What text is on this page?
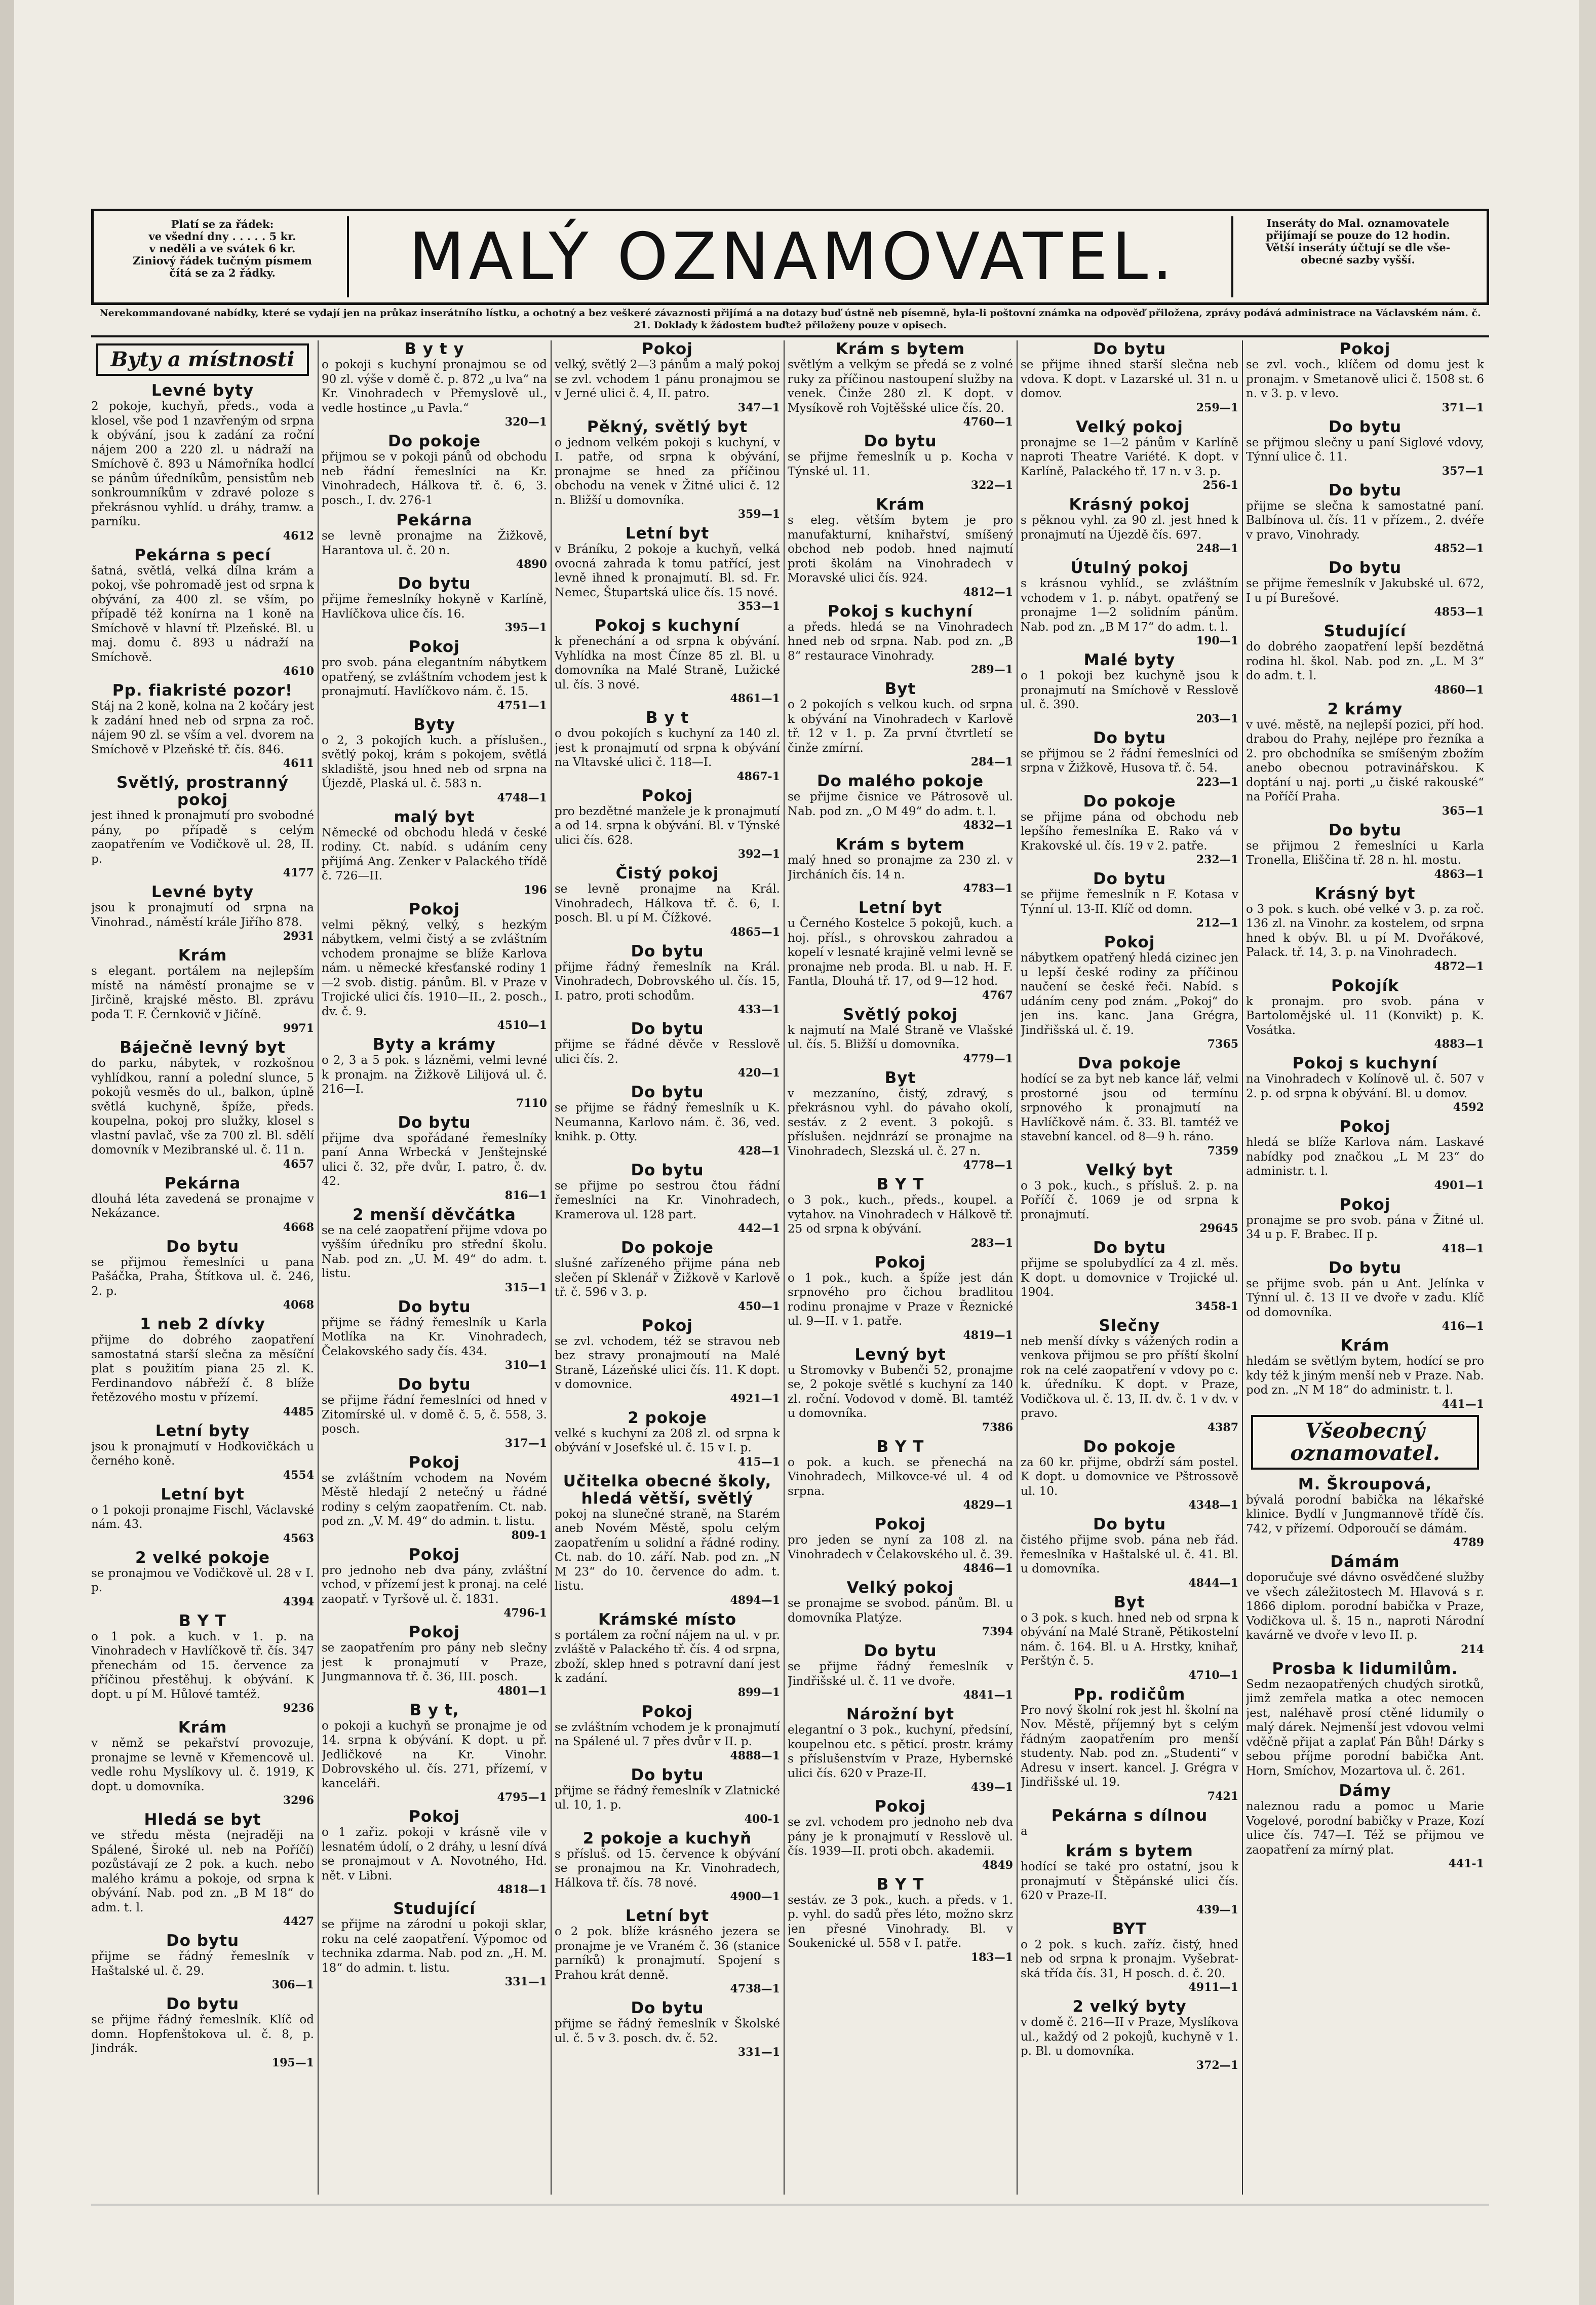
Platí se za řádek:
ve všední dny . . . . . 5 kr.
v neděli a ve svátek 6 kr.
Ziniový řádek tučným písmem
čítá se za 2 řádky.	MALÝ OZNAMOVATEL.	Inseráty do Mal. oznamovatele
přijímají se pouze do 12 hodin.
Větší inseráty účtují se dle vše-
obecné sazby vyšší.
Nerekommandované nabídky, které se vydají jen na průkaz inserátního lístku, a ochotný a bez veškeré závaznosti přijímá a na dotazy buď ústně neb písemně, byla-li poštovní známka na odpověď přiložena, zprávy podává administrace na Václavském nám. č. 21. Doklady k žádostem buďtež přiloženy pouze v opisech.
Byty a místnosti
Levné byty

2 pokoje, kuchyň, předs., voda a klosel, vše pod 1 nzavřeným od srpna k obývání, jsou k zadání za roční nájem 200 a 220 zl. u nádraží na Smíchově č. 893 u Námořníka hodlcí se pánům úředníkům, pensistům neb sonkroumníkům v zdravé poloze s překrásnou vyhlíd. u dráhy, tramw. a parníku.

4612
Pekárna s pecí

šatná, světlá, velká dílna krám a pokoj, vše pohromadě jest od srpna k obývání, za 400 zl. se vším, po případě též konírna na 1 koně na Smíchově v hlavní tř. Plzeňské. Bl. u maj. domu č. 893 u nádraží na Smíchově.

4610
Pp. fiakristé pozor!

Stáj na 2 koně, kolna na 2 kočáry jest k zadání hned neb od srpna za roč. nájem 90 zl. se vším a vel. dvorem na Smíchově v Plzeňské tř. čís. 846.

4611
Světlý, prostranný pokoj

jest ihned k pronajmutí pro svobodné pány, po případě s celým zaopatřením ve Vodičkově ul. 28, II. p.

4177
Levné byty

jsou k pronajmutí od srpna na Vinohrad., náměstí krále Jiřího 878.

2931
Krám

s elegant. portálem na nejlepším místě na náměstí pronajme se v Jirčině, krajské město. Bl. zprávu poda T. F. Černkovič v Jičíně.

9971
Báječně levný byt

do parku, nábytek, v rozkošnou vyhlídkou, ranní a polední slunce, 5 pokojů vesměs do ul., balkon, úplně světlá kuchyně, špíže, předs. koupelna, pokoj pro služky, klosel s vlastní pavlač, vše za 700 zl. Bl. sdělí domovník v Mezibranské ul. č. 11 n.

4657
Pekárna

dlouhá léta zavedená se pronajme v Nekázance.

4668
Do bytu

se přijmou řemeslníci u pana Pašáčka, Praha, Štítkova ul. č. 246, 2. p.

4068
1 neb 2 dívky

přijme do dobrého zaopatření samostatná starší slečna za měsíční plat s použitím piana 25 zl. K. Ferdinandovo nábřeží č. 8 blíže řetězového mostu v přízemí.

4485
Letní byty

jsou k pronajmutí v Hodkovičkách u černého koně.

4554
Letní byt

o 1 pokoji pronajme Fischl, Václavské nám. 43.

4563
2 velké pokoje

se pronajmou ve Vodičkově ul. 28 v I. p.

4394
B Y T

o 1 pok. a kuch. v 1. p. na Vinohradech v Havlíčkově tř. čís. 347 přenechám od 15. července za příčinou přestěhuj. k obývání. K dopt. u pí M. Hůlové tamtéž.

9236
Krám

v němž se pekařství provozuje, pronajme se levně v Křemencově ul. vedle rohu Myslíkovy ul. č. 1919, K dopt. u domovníka.

3296
Hledá se byt

ve středu města (nejraději na Spálené, Široké ul. neb na Poříčí) pozůstávají ze 2 pok. a kuch. nebo malého krámu a pokoje, od srpna k obývání. Nab. pod zn. „B M 18“ do adm. t. l.

4427
Do bytu

přijme se řádný řemeslník v Haštalské ul. č. 29.

306—1
Do bytu

se přijme řádný řemeslník. Klíč od domn. Hopfenštokova ul. č. 8, p. Jindrák.

195—1
B y t y

o pokoji s kuchyní pronajmou se od 90 zl. výše v domě č. p. 872 „u lva“ na Kr. Vinohradech v Přemyslově ul., vedle hostince „u Pavla.“

320—1
Do pokoje

přijmou se v pokoji pánů od obchodu neb řádní řemeslníci na Kr. Vinohradech, Hálkova tř. č. 6, 3. posch., I. dv. 276-1

Pekárna

se levně pronajme na Žižkově, Harantova ul. č. 20 n.

4890
Do bytu

přijme řemeslníky hokyně v Karlíně, Havlíčkova ulice čís. 16.

395—1
Pokoj

pro svob. pána elegantním nábytkem opatřený, se zvláštním vchodem jest k pronajmutí. Havlíčkovo nám. č. 15.

4751—1
Byty

o 2, 3 pokojích kuch. a příslušen., světlý pokoj, krám s pokojem, světlá skladiště, jsou hned neb od srpna na Újezdě, Plaská ul. č. 583 n.

4748—1
malý byt

Německé od obchodu hledá v české rodiny. Ct. nabíd. s udáním ceny přijímá Ang. Zenker v Palackého třídě č. 726—II.

196
Pokoj

velmi pěkný, velký, s hezkým nábytkem, velmi čistý a se zvláštním vchodem pronajme se blíže Karlova nám. u německé křesťanské rodiny 1—2 svob. distig. pánům. Bl. v Praze v Trojické ulici čís. 1910—II., 2. posch., dv. č. 9.

4510—1
Byty a krámy

o 2, 3 a 5 pok. s lázněmi, velmi levné k pronajm. na Žižkově Lilijová ul. č. 216—I.

7110
Do bytu

přijme dva spořádané řemeslníky paní Anna Wrbecká v Jenštejnské ulici č. 32, pře dvůr, I. patro, č. dv. 42.

816—1
2 menší děvčátka

se na celé zaopatření přijme vdova po vyšším úředníku pro střední školu. Nab. pod zn. „U. M. 49“ do adm. t. listu.

315—1
Do bytu

přijme se řádný řemeslník u Karla Motlíka na Kr. Vinohradech, Čelakovského sady čís. 434.

310—1
Do bytu

se přijme řádní řemeslníci od hned v Zitomírské ul. v domě č. 5, č. 558, 3. posch.

317—1
Pokoj

se zvláštním vchodem na Novém Městě hledají 2 netečný u řádné rodiny s celým zaopatřením. Ct. nab. pod zn. „V. M. 49“ do admin. t. listu.

809-1
Pokoj

pro jednoho neb dva pány, zvláštní vchod, v přízemí jest k pronaj. na celé zaopatř. v Tyršově ul. č. 1831.

4796-1
Pokoj

se zaopatřením pro pány neb slečny jest k pronajmutí v Praze, Jungmannova tř. č. 36, III. posch.

4801—1
B y t,

o pokoji a kuchyň se pronajme je od 14. srpna k obývání. K dopt. u př. Jedličkové na Kr. Vinohr. Dobrovského ul. čís. 271, přízemí, v kanceláři.

4795—1
Pokoj

o 1 zařiz. pokoji v krásně vile v lesnatém údolí, o 2 dráhy, u lesní dívá se pronajmout v A. Novotného, Hd. nět. v Libni.

4818—1
Studující

se přijme na zárodní u pokoji sklar, roku na celé zaopatření. Výpomoc od technika zdarma. Nab. pod zn. „H. M. 18“ do admin. t. listu.

331—1
Pokoj

velký, světlý 2—3 pánům a malý pokoj se zvl. vchodem 1 pánu pronajmou se v Jerné ulici č. 4, II. patro.

347—1
Pěkný, světlý byt

o jednom velkém pokoji s kuchyní, v I. patře, od srpna k obývání, pronajme se hned za příčinou obchodu na venek v Žitné ulici č. 12 n. Bližší u domovníka.

359—1
Letní byt

v Bráníku, 2 pokoje a kuchyň, velká ovocná zahrada k tomu patřící, jest levně ihned k pronajmutí. Bl. sd. Fr. Nemec, Štupartská ulice čís. 15 nové.

353—1
Pokoj s kuchyní

k přenechání a od srpna k obývání. Vyhlídka na most Čínze 85 zl. Bl. u domovníka na Malé Straně, Lužické ul. čís. 3 nové.

4861—1
B y t

o dvou pokojích s kuchyní za 140 zl. jest k pronajmutí od srpna k obývání na Vltavské ulici č. 118—I.

4867-1
Pokoj

pro bezdětné manžele je k pronajmutí a od 14. srpna k obývání. Bl. v Týnské ulici čís. 628.

392—1
Čistý pokoj

se levně pronajme na Král. Vinohradech, Hálkova tř. č. 6, I. posch. Bl. u pí M. Čížkové.

4865—1
Do bytu

přijme řádný řemeslník na Král. Vinohradech, Dobrovského ul. čís. 15, I. patro, proti schodům.

433—1
Do bytu

přijme se řádné děvče v Resslově ulici čís. 2.

420—1
Do bytu

se přijme se řádný řemeslník u K. Neumanna, Karlovo nám. č. 36, ved. knihk. p. Otty.

428—1
Do bytu

se přijme po sestrou čtou řádní řemeslníci na Kr. Vinohradech, Kramerova ul. 128 part.

442—1
Do pokoje

slušné zařízeného přijme pána neb slečen pí Sklenář v Žižkově v Karlově tř. č. 596 v 3. p.

450—1
Pokoj

se zvl. vchodem, též se stravou neb bez stravy pronajmoutí na Malé Straně, Lázeňské ulici čís. 11. K dopt. v domovnice.

4921—1
2 pokoje

velké s kuchyní za 208 zl. od srpna k obývání v Josefské ul. č. 15 v I. p.

415—1
Učitelka obecné školy, hledá větší, světlý

pokoj na slunečné straně, na Starém aneb Novém Městě, spolu celým zaopatřením u solidní a řádné rodiny. Ct. nab. do 10. září. Nab. pod zn. „N M 23“ do 10. července do adm. t. listu.

4894—1
Krámské místo

s portálem za roční nájem na ul. v pr. zvláště v Palackého tř. čís. 4 od srpna, zboží, sklep hned s potravní daní jest k zadání.

899—1
Pokoj

se zvláštním vchodem je k pronajmutí na Spálené ul. 7 přes dvůr v II. p.

4888—1
Do bytu

přijme se řádný řemeslník v Zlatnické ul. 10, 1. p.

400-1
2 pokoje a kuchyň

s přísluš. od 15. července k obývání se pronajmou na Kr. Vinohradech, Hálkova tř. čís. 78 nové.

4900—1
Letní byt

o 2 pok. blíže krásného jezera se pronajme je ve Vraném č. 36 (stanice parníků) k pronajmutí. Spojení s Prahou krát denně.

4738—1
Do bytu

přijme se řádný řemeslník v Školské ul. č. 5 v 3. posch. dv. č. 52.

331—1
Krám s bytem

světlým a velkým se předá se z volné ruky za příčinou nastoupení služby na venek. Činže 280 zl. K dopt. v Mysíkově roh Vojtěšské ulice čís. 20.

4760—1
Do bytu

se přijme řemeslník u p. Kocha v Týnské ul. 11.

322—1
Krám

s eleg. větším bytem je pro manufakturní, knihařství, smíšený obchod neb podob. hned najmutí proti školám na Vinohradech v Moravské ulici čís. 924.

4812—1
Pokoj s kuchyní

a předs. hledá se na Vinohradech hned neb od srpna. Nab. pod zn. „B 8“ restaurace Vinohrady.

289—1
Byt

o 2 pokojích s velkou kuch. od srpna k obývání na Vinohradech v Karlově tř. 12 v 1. p. Za první čtvrtletí se činže zmírní.

284—1
Do malého pokoje

se přijme čisnice ve Pátrosově ul. Nab. pod zn. „O M 49“ do adm. t. l.

4832—1
Krám s bytem

malý hned so pronajme za 230 zl. v Jircháních čís. 14 n.

4783—1
Letní byt

u Černého Kostelce 5 pokojů, kuch. a hoj. přísl., s ohrovskou zahradou a kopelí v lesnaté krajině velmi levně se pronajme neb proda. Bl. u nab. H. F. Fantla, Dlouhá tř. 17, od 9—12 hod.

4767
Světlý pokoj

k najmutí na Malé Straně ve Vlašské ul. čís. 5. Bližší u domovníka.

4779—1
Byt

v mezzaníno, čistý, zdravý, s překrásnou vyhl. do pávaho okolí, sestáv. z 2 event. 3 pokojů. s příslušen. nejdnrází se pronajme na Vinohradech, Slezská ul. č. 27 n.

4778—1
B Y T

o 3 pok., kuch., předs., koupel. a vytahov. na Vinohradech v Hálkově tř. 25 od srpna k obývání.

283—1
Pokoj

o 1 pok., kuch. a špíže jest dán srpnového pro čichou bradlitou rodinu pronajme v Praze v Řeznické ul. 9—II. v 1. patře.

4819—1
Levný byt

u Stromovky v Bubenči 52, pronajme se, 2 pokoje světlé s kuchyní za 140 zl. roční. Vodovod v domě. Bl. tamtéž u domovníka.

7386
B Y T

o pok. a kuch. se přenechá na Vinohradech, Milkovce-vé ul. 4 od srpna.

4829—1
Pokoj

pro jeden se nyní za 108 zl. na Vinohradech v Čelakovského ul. č. 39.

4846—1
Velký pokoj

se pronajme se svobod. pánům. Bl. u domovníka Platýze.

7394
Do bytu

se přijme řádný řemeslník v Jindřišské ul. č. 11 ve dvoře.

4841—1
Nárožní byt

elegantní o 3 pok., kuchyní, předsíní, koupelnou etc. s pěticí. prostr. krámy s příslušenstvím v Praze, Hybernské ulici čís. 620 v Praze-II.

439—1
Pokoj

se zvl. vchodem pro jednoho neb dva pány je k pronajmutí v Resslově ul. čís. 1939—II. proti obch. akademii.

4849
B Y T

sestáv. ze 3 pok., kuch. a předs. v 1. p. vyhl. do sadů přes léto, možno skrz jen přesné Vinohrady. Bl. v Soukenické ul. 558 v I. patře.

183—1
Do bytu

se přijme ihned starší slečna neb vdova. K dopt. v Lazarské ul. 31 n. u domov.

259—1
Velký pokoj

pronajme se 1—2 pánům v Karlíně naproti Theatre Variété. K dopt. v Karlíně, Palackého tř. 17 n. v 3. p.

256-1
Krásný pokoj

s pěknou vyhl. za 90 zl. jest hned k pronajmutí na Újezdě čís. 697.

248—1
Útulný pokoj

s krásnou vyhlíd., se zvláštním vchodem v 1. p. nábyt. opatřený se pronajme 1—2 solidním pánům. Nab. pod zn. „B M 17“ do adm. t. l.

190—1
Malé byty

o 1 pokoji bez kuchyně jsou k pronajmutí na Smíchově v Resslově ul. č. 390.

203—1
Do bytu

se přijmou se 2 řádní řemeslníci od srpna v Žižkově, Husova tř. č. 54.

223—1
Do pokoje

se přijme pána od obchodu neb lepšího řemeslníka E. Rako vá v Krakovské ul. čís. 19 v 2. patře.

232—1
Do bytu

se přijme řemeslník n F. Kotasa v Týnní ul. 13-II. Klíč od domn.

212—1
Pokoj

nábytkem opatřený hledá cizinec jen u lepší české rodiny za příčinou naučení se české řeči. Nabíd. s udáním ceny pod znám. „Pokoj“ do jen ins. kanc. Jana Grégra, Jindřišská ul. č. 19.

7365
Dva pokoje

hodící se za byt neb kance lář, velmi prostorné jsou od termínu srpnového k pronajmutí na Havlíčkově nám. č. 33. Bl. tamtéž ve stavební kancel. od 8—9 h. ráno.

7359
Velký byt

o 3 pok., kuch., s přísluš. 2. p. na Poříčí č. 1069 je od srpna k pronajmutí.

29645
Do bytu

přijme se spolubydlící za 4 zl. měs. K dopt. u domovnice v Trojické ul. 1904.

3458-1
Slečny

neb menší dívky s vážených rodin a venkova přijmou se pro příští školní rok na celé zaopatření v vdovy po c. k. úředníku. K dopt. v Praze, Vodičkova ul. č. 13, II. dv. č. 1 v dv. v pravo.

4387
Do pokoje

za 60 kr. přijme, obdrží sám postel. K dopt. u domovnice ve Pštrossově ul. 10.

4348—1
Do bytu

čistého přijme svob. pána neb řád. řemeslníka v Haštalské ul. č. 41. Bl. u domovníka.

4844—1
Byt

o 3 pok. s kuch. hned neb od srpna k obývání na Malé Straně, Pětikostelní nám. č. 164. Bl. u A. Hrstky, knihař, Perštýn č. 5.

4710—1
Pp. rodičům

Pro nový školní rok jest hl. školní na Nov. Městě, příjemný byt s celým řádným zaopatřením pro menší studenty. Nab. pod zn. „Studenti“ v Adresu v insert. kancel. J. Grégra v Jindřišské ul. 19.

7421
Pekárna s dílnou

a

krám s bytem

hodící se také pro ostatní, jsou k pronajmutí v Štěpánské ulici čís. 620 v Praze-II.

439—1
BYT

o 2 pok. s kuch. zaříz. čistý, hned neb od srpna k pronajm. Vyšebrat-ská třída čís. 31, H posch. d. č. 20.

4911—1
2 velký byty

v domě č. 216—II v Praze, Myslíkova ul., každý od 2 pokojů, kuchyně v 1. p. Bl. u domovníka.

372—1
Pokoj

se zvl. voch., klíčem od domu jest k pronajm. v Smetanově ulici č. 1508 st. 6 n. v 3. p. v levo.

371—1
Do bytu

se přijmou slečny u paní Siglové vdovy, Týnní ulice č. 11.

357—1
Do bytu

přijme se slečna k samostatné paní. Balbínova ul. čís. 11 v přízem., 2. dvéře v pravo, Vinohrady.

4852—1
Do bytu

se přijme řemeslník v Jakubské ul. 672, I u pí Burešové.

4853—1
Studující

do dobrého zaopatření lepší bezdětná rodina hl. škol. Nab. pod zn. „L. M 3“ do adm. t. l.

4860—1
2 krámy

v uvé. městě, na nejlepší pozici, pří hod. drabou do Prahy, nejlépe pro řezníka a 2. pro obchodníka se smíšeným zbožím anebo obecnou potravinářskou. K doptání u naj. porti „u čiské rakouské“ na Poříčí Praha.

365—1
Do bytu

se přijmou 2 řemeslníci u Karla Tronella, Eliščina tř. 28 n. hl. mostu.

4863—1
Krásný byt

o 3 pok. s kuch. obé velké v 3. p. za roč. 136 zl. na Vinohr. za kostelem, od srpna hned k obýv. Bl. u pí M. Dvořákové, Palack. tř. 14, 3. p. na Vinohradech.

4872—1
Pokojík

k pronajm. pro svob. pána v Bartolomějské ul. 11 (Konvikt) p. K. Vosátka.

4883—1
Pokoj s kuchyní

na Vinohradech v Kolínově ul. č. 507 v 2. p. od srpna k obývání. Bl. u domov.

4592
Pokoj

hledá se blíže Karlova nám. Laskavé nabídky pod značkou „L M 23“ do administr. t. l.

4901—1
Pokoj

pronajme se pro svob. pána v Žitné ul. 34 u p. F. Brabec. II p.

418—1
Do bytu

se přijme svob. pán u Ant. Jelínka v Týnní ul. č. 13 II ve dvoře v zadu. Klíč od domovníka.

416—1
Krám

hledám se světlým bytem, hodící se pro kdy též k jiným menší neb v Praze. Nab. pod zn. „N M 18“ do administr. t. l.

441—1
Všeobecný oznamovatel.
M. Škroupová,

bývalá porodní babička na lékařské klinice. Bydlí v Jungmannově třídě čís. 742, v přízemí. Odporoučí se dámám.

4789
Dámám

doporučuje své dávno osvědčené služby ve všech záležitostech M. Hlavová s r. 1866 diplom. porodní babička v Praze, Vodičkova ul. š. 15 n., naproti Národní kavárně ve dvoře v levo II. p.

214
Prosba k lidumilům.

Sedm nezaopatřených chudých sirotků, jimž zemřela matka a otec nemocen jest, naléhavě prosí ctěné lidumily o malý dárek. Nejmenší jest vdovou velmi vděčně přijat a zaplať Pán Bůh! Dárky s sebou příjme porodní babička Ant. Horn, Smíchov, Mozartova ul. č. 261.

Dámy

naleznou radu a pomoc u Marie Vogelové, porodní babičky v Praze, Kozí ulice čís. 747—I. Též se přijmou ve zaopatření za mírný plat.

441-1
